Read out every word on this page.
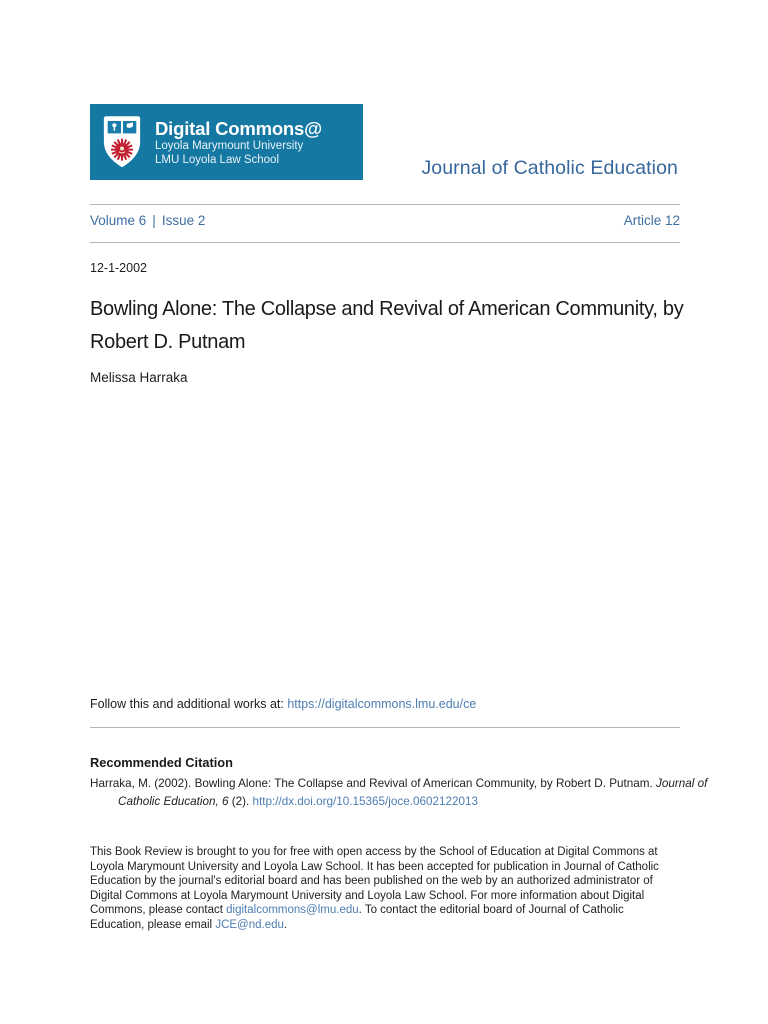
Digital Commons@
Loyola Marymount University
LMU Loyola Law School	Journal of Catholic Education
Volume 6 | Issue 2	Article 12
12-1-2002
Bowling Alone: The Collapse and Revival of American Community, by Robert D. Putnam
Melissa Harraka
Follow this and additional works at: https://digitalcommons.lmu.edu/ce
Recommended Citation

Harraka, M. (2002). Bowling Alone: The Collapse and Revival of American Community, by Robert D. Putnam. Journal of Catholic Education, 6 (2). http://dx.doi.org/10.15365/joce.0602122013

This Book Review is brought to you for free with open access by the School of Education at Digital Commons at Loyola Marymount University and Loyola Law School. It has been accepted for publication in Journal of Catholic Education by the journal's editorial board and has been published on the web by an authorized administrator of Digital Commons at Loyola Marymount University and Loyola Law School. For more information about Digital Commons, please contact digitalcommons@lmu.edu. To contact the editorial board of Journal of Catholic Education, please email JCE@nd.edu.
